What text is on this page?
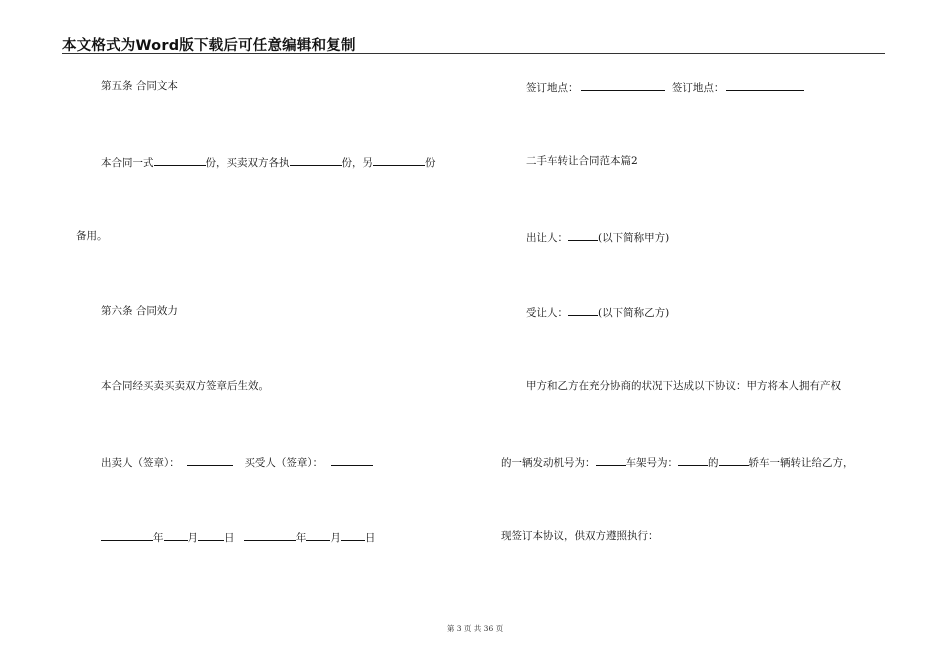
本文格式为Word版下载后可任意编辑和复制
第五条 合同文本
本合同一式	份，买卖双方各执	份，另	份
备用。
第六条 合同效力
本合同经买卖买卖双方签章后生效。
出卖人（签章）：	买受人（签章）：
年 月 日	年 月 日
签订地点：	签订地点：
二手车转让合同范本篇2
出让人：	(以下简称甲方)
受让人：	(以下简称乙方)
甲方和乙方在充分协商的状况下达成以下协议：甲方将本人拥有产权
的一辆发动机号为：	车架号为：	的	轿车一辆转让给乙方，
现签订本协议，供双方遵照执行：
第 3 页 共 36 页
